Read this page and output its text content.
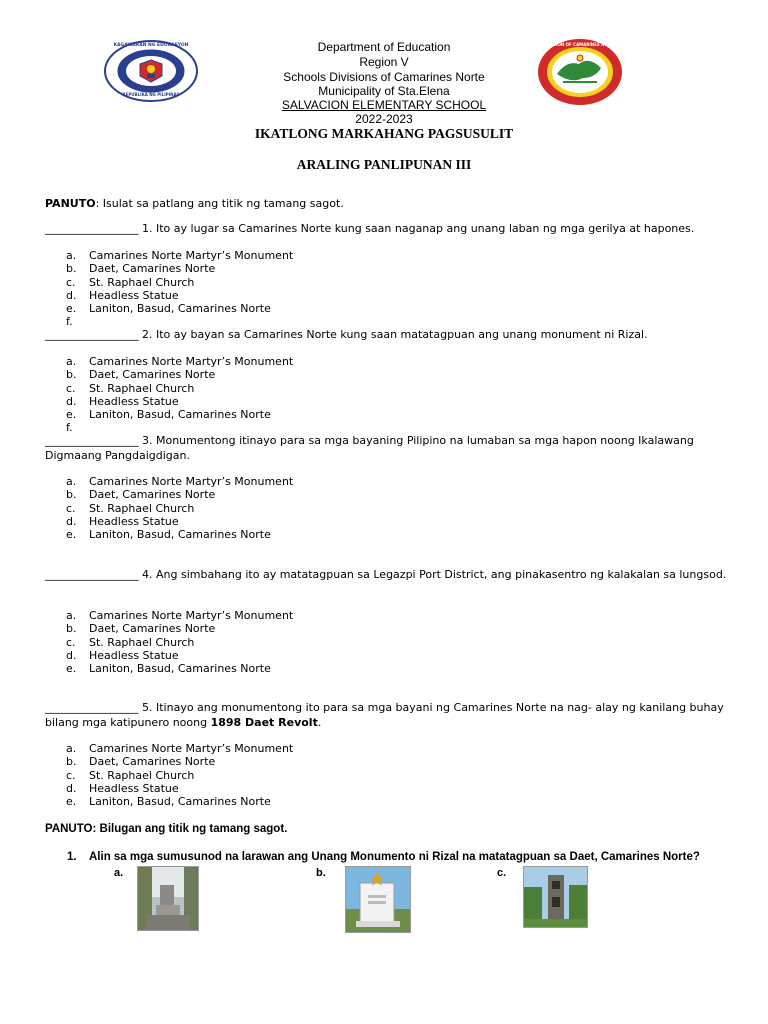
KAGAWARAN NG EDUKASYON
REPUBLIKA NG PILIPINAS
DIVISION OF CAMARINES NORTE
Department of Education
Region V
Schools Divisions of Camarines Norte
Municipality of Sta.Elena
SALVACION ELEMENTARY SCHOOL
2022-2023
IKATLONG MARKAHANG PAGSUSULIT
ARALING PANLIPUNAN III
PANUTO: Isulat sa patlang ang titik ng tamang sagot.
_________________ 1. Ito ay lugar sa Camarines Norte kung saan naganap ang unang laban ng mga gerilya at hapones.
a.	Camarines Norte Martyr’s Monument
b.	Daet, Camarines Norte
c.	St. Raphael Church
d.	Headless Statue
e.	Laniton, Basud, Camarines Norte
f.
_________________ 2. Ito ay bayan sa Camarines Norte kung saan matatagpuan ang unang monument ni Rizal.
a.	Camarines Norte Martyr’s Monument
b.	Daet, Camarines Norte
c.	St. Raphael Church
d.	Headless Statue
e.	Laniton, Basud, Camarines Norte
f.
_________________ 3. Monumentong itinayo para sa mga bayaning Pilipino na lumaban sa mga hapon noong Ikalawang Digmaang Pangdaigdigan.
a.	Camarines Norte Martyr’s Monument
b.	Daet, Camarines Norte
c.	St. Raphael Church
d.	Headless Statue
e.	Laniton, Basud, Camarines Norte
_________________ 4. Ang simbahang ito ay matatagpuan sa Legazpi Port District, ang pinakasentro ng kalakalan sa lungsod.
a.	Camarines Norte Martyr’s Monument
b.	Daet, Camarines Norte
c.	St. Raphael Church
d.	Headless Statue
e.	Laniton, Basud, Camarines Norte
_________________ 5. Itinayo ang monumentong ito para sa mga bayani ng Camarines Norte na nag- alay ng kanilang buhay bilang mga katipunero noong 1898 Daet Revolt.
a.	Camarines Norte Martyr’s Monument
b.	Daet, Camarines Norte
c.	St. Raphael Church
d.	Headless Statue
e.	Laniton, Basud, Camarines Norte
PANUTO: Bilugan ang titik ng tamang sagot.
1. Alin sa mga sumusunod na larawan ang Unang Monumento ni Rizal na matatagpuan sa Daet, Camarines Norte?
a.	b.	c.
